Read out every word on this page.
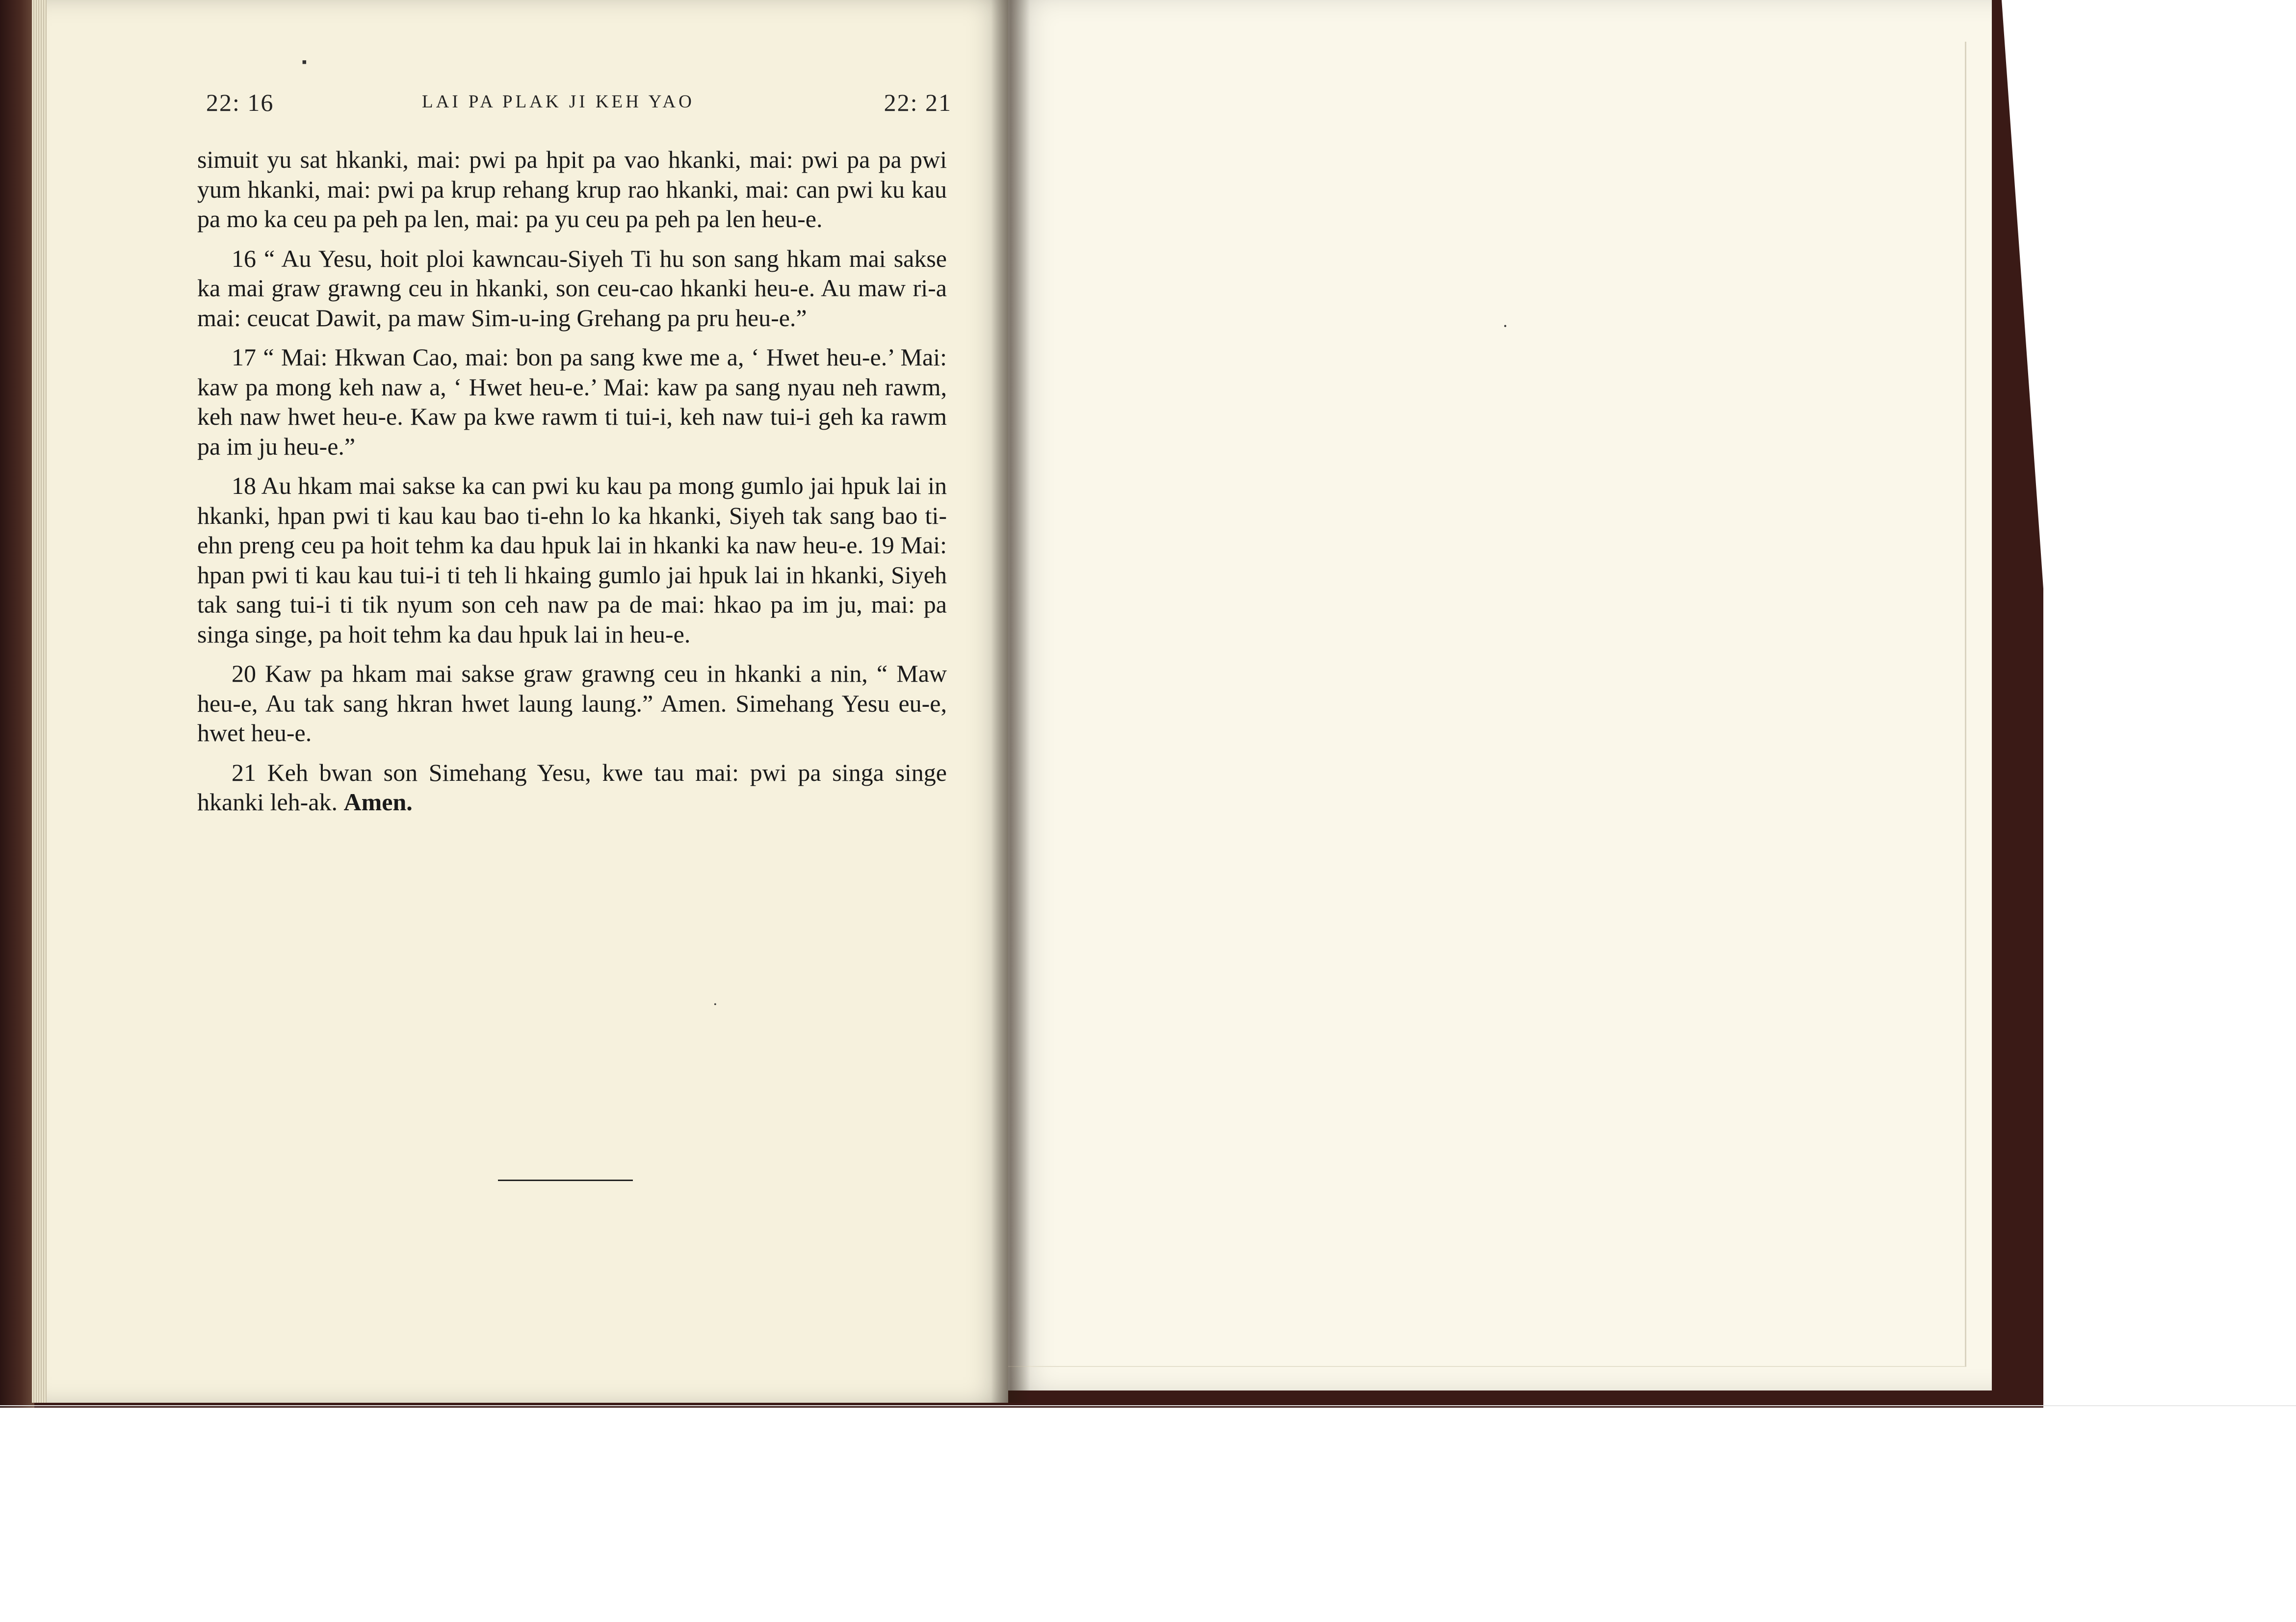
22: 16	LAI PA PLAK JI KEH YAO	22: 21

simuit yu sat hkanki, mai: pwi pa hpit pa vao hkanki, mai: pwi pa pa pwi yum hkanki, mai: pwi pa krup rehang krup rao hkanki, mai: can pwi ku kau pa mo ka ceu pa peh pa len, mai: pa yu ceu pa peh pa len heu-e.

16 “ Au Yesu, hoit ploi kawncau-Siyeh Ti hu son sang hkam mai sakse ka mai graw grawng ceu in hkanki, son ceu-cao hkanki heu-e. Au maw ri-a mai: ceucat Dawit, pa maw Sim-u-ing Grehang pa pru heu-e.”

17 “ Mai: Hkwan Cao, mai: bon pa sang kwe me a, ‘ Hwet heu-e.’ Mai: kaw pa mong keh naw a, ‘ Hwet heu-e.’ Mai: kaw pa sang nyau neh rawm, keh naw hwet heu-e. Kaw pa kwe rawm ti tui-i, keh naw tui-i geh ka rawm pa im ju heu-e.”

18 Au hkam mai sakse ka can pwi ku kau pa mong gumlo jai hpuk lai in hkanki, hpan pwi ti kau kau bao ti-ehn lo ka hkanki, Siyeh tak sang bao ti-ehn preng ceu pa hoit tehm ka dau hpuk lai in hkanki ka naw heu-e. 19 Mai: hpan pwi ti kau kau tui-i ti teh li hkaing gumlo jai hpuk lai in hkanki, Siyeh tak sang tui-i ti tik nyum son ceh naw pa de mai: hkao pa im ju, mai: pa singa singe, pa hoit tehm ka dau hpuk lai in heu-e.

20 Kaw pa hkam mai sakse graw grawng ceu in hkanki a nin, “ Maw heu-e, Au tak sang hkran hwet laung laung.” Amen. Simehang Yesu eu-e, hwet heu-e.

21 Keh bwan son Simehang Yesu, kwe tau mai: pwi pa singa singe hkanki leh-ak. Amen.

▪
•
•
